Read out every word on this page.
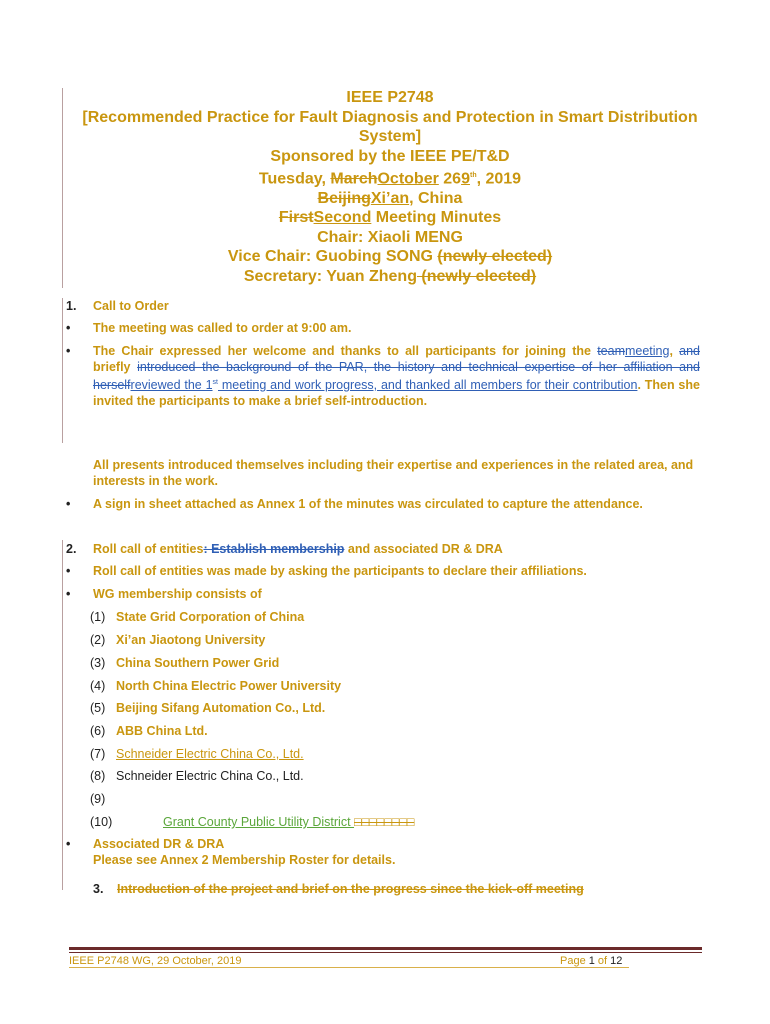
IEEE P2748
[Recommended Practice for Fault Diagnosis and Protection in Smart Distribution System]
Sponsored by the IEEE PE/T&D
Tuesday, MarchOctober 269th, 2019
BeijingXi’an, China
FirstSecond Meeting Minutes
Chair: Xiaoli MENG
Vice Chair: Guobing SONG (newly elected)
Secretary: Yuan Zheng (newly elected)
1. Call to Order
• The meeting was called to order at 9:00 am.
• The Chair expressed her welcome and thanks to all participants for joining the teammeeting, and briefly introduced the background of the PAR, the history and technical expertise of her affiliation and herselfreviewed the 1st meeting and work progress, and thanked all members for their contribution. Then she invited the participants to make a brief self-introduction.
All presents introduced themselves including their expertise and experiences in the related area, and interests in the work.
• A sign in sheet attached as Annex 1 of the minutes was circulated to capture the attendance.
2. Roll call of entities: Establish membership and associated DR & DRA
• Roll call of entities was made by asking the participants to declare their affiliations.
• WG membership consists of
(1) State Grid Corporation of China
(2) Xi’an Jiaotong University
(3) China Southern Power Grid
(4) North China Electric Power University
(5) Beijing Sifang Automation Co., Ltd.
(6) ABB China Ltd.
(7) Schneider Electric China Co., Ltd.
(8) Schneider Electric China Co., Ltd.
(9)
(10)	Grant County Public Utility District □□□□□□□□
• Associated DR & DRA
Please see Annex 2 Membership Roster for details.
3. Introduction of the project and brief on the progress since the kick-off meeting
IEEE P2748 WG, 29 October, 2019	Page 1 of 12
